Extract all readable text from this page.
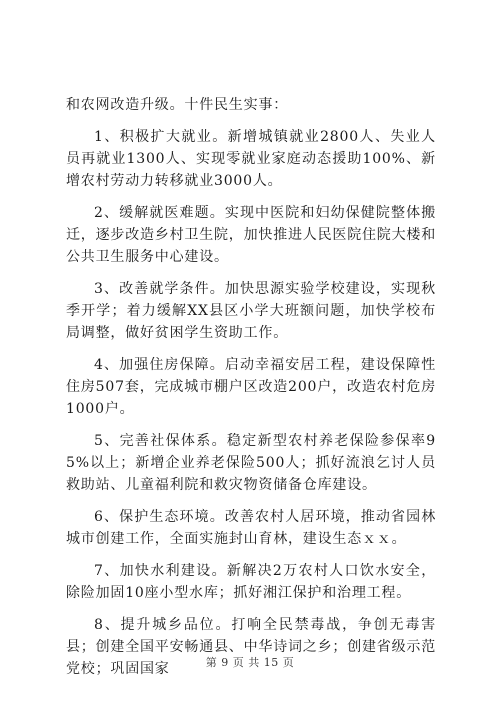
和农网改造升级。十件民生实事：

1、积极扩大就业。新增城镇就业2800人、失业人员再就业1300人、实现零就业家庭动态援助100%、新增农村劳动力转移就业3000人。

2、缓解就医难题。实现中医院和妇幼保健院整体搬迁，逐步改造乡村卫生院，加快推进人民医院住院大楼和公共卫生服务中心建设。

3、改善就学条件。加快思源实验学校建设，实现秋季开学；着力缓解XX县区小学大班额问题，加快学校布局调整，做好贫困学生资助工作。

4、加强住房保障。启动幸福安居工程，建设保障性住房507套，完成城市棚户区改造200户，改造农村危房1000户。

5、完善社保体系。稳定新型农村养老保险参保率95%以上；新增企业养老保险500人；抓好流浪乞讨人员救助站、儿童福利院和救灾物资储备仓库建设。

6、保护生态环境。改善农村人居环境，推动省园林城市创建工作，全面实施封山育林，建设生态ｘｘ。

7、加快水利建设。新解决2万农村人口饮水安全，除险加固10座小型水库；抓好湘江保护和治理工程。

8、提升城乡品位。打响全民禁毒战，争创无毒害县；创建全国平安畅通县、中华诗词之乡；创建省级示范党校；巩固国家	第 9 页 共 15 页
